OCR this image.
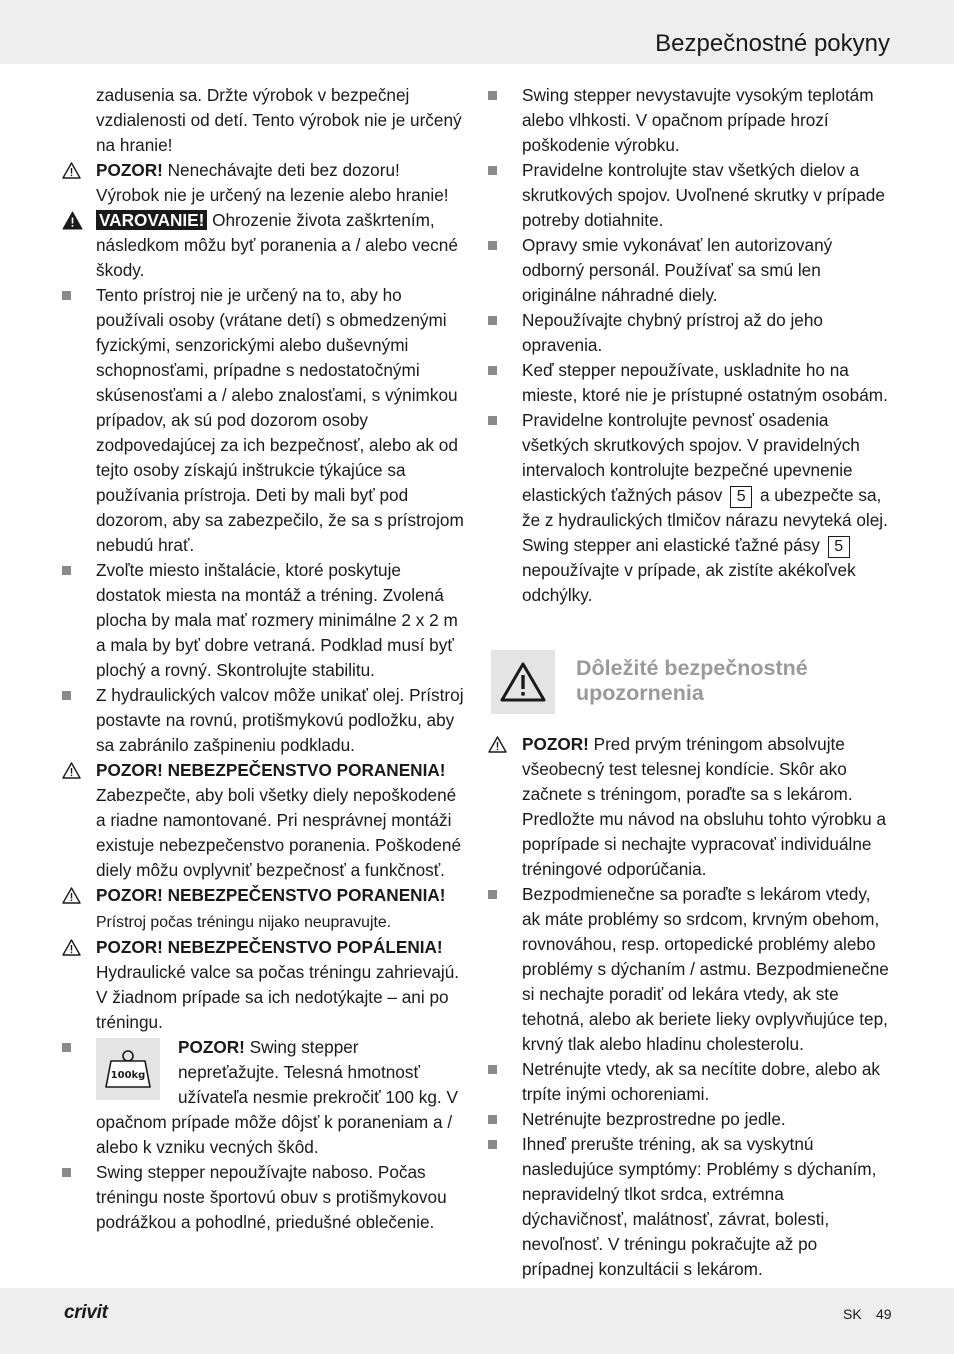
Bezpečnostné pokyny
zadusenia sa. Držte výrobok v bezpečnej vzdialenosti od detí. Tento výrobok nie je určený na hranie!
POZOR! Nenechávajte deti bez dozoru! Výrobok nie je určený na lezenie alebo hranie!
VAROVANIE! Ohrozenie života zaškrtením, následkom môžu byť poranenia a / alebo vecné škody.
Tento prístroj nie je určený na to, aby ho používali osoby (vrátane detí) s obmedzenými fyzickými, senzorickými alebo duševnými schopnosťami, prípadne s nedostatočnými skúsenosťami a / alebo znalosťami, s výnimkou prípadov, ak sú pod dozorom osoby zodpovedajúcej za ich bezpečnosť, alebo ak od tejto osoby získajú inštrukcie týkajúce sa používania prístroja. Deti by mali byť pod dozorom, aby sa zabezpečilo, že sa s prístrojom nebudú hrať.
Zvoľte miesto inštalácie, ktoré poskytuje dostatok miesta na montáž a tréning. Zvolená plocha by mala mať rozmery minimálne 2 x 2 m a mala by byť dobre vetraná. Podklad musí byť plochý a rovný. Skontrolujte stabilitu.
Z hydraulických valcov môže unikať olej. Prístroj postavte na rovnú, protišmykovú podložku, aby sa zabránilo zašpineniu podkladu.
POZOR! NEBEZPEČENSTVO PORANENIA! Zabezpečte, aby boli všetky diely nepoškodené a riadne namontované. Pri nesprávnej montáži existuje nebezpečenstvo poranenia. Poškodené diely môžu ovplyvniť bezpečnosť a funkčnosť.
POZOR! NEBEZPEČENSTVO PORANENIA! Prístroj počas tréningu nijako neupravujte.
POZOR! NEBEZPEČENSTVO POPÁLENIA! Hydraulické valce sa počas tréningu zahrievajú. V žiadnom prípade sa ich nedotýkajte – ani po tréningu.
100kg
POZOR! Swing stepper nepreťažujte. Telesná hmotnosť užívateľa nesmie prekročiť 100 kg. V opačnom prípade môže dôjsť k poraneniam a / alebo k vzniku vecných škôd.
Swing stepper nepoužívajte naboso. Počas tréningu noste športovú obuv s protišmykovou podrážkou a pohodlné, priedušné oblečenie.
Swing stepper nevystavujte vysokým teplotám alebo vlhkosti. V opačnom prípade hrozí poškodenie výrobku.
Pravidelne kontrolujte stav všetkých dielov a skrutkových spojov. Uvoľnené skrutky v prípade potreby dotiahnite.
Opravy smie vykonávať len autorizovaný odborný personál. Používať sa smú len originálne náhradné diely.
Nepoužívajte chybný prístroj až do jeho opravenia.
Keď stepper nepoužívate, uskladnite ho na mieste, ktoré nie je prístupné ostatným osobám.
Pravidelne kontrolujte pevnosť osadenia všetkých skrutkových spojov. V pravidelných intervaloch kontrolujte bezpečné upevnenie elastických ťažných pásov 5 a ubezpečte sa, že z hydraulických tlmičov nárazu nevyteká olej. Swing stepper ani elastické ťažné pásy 5 nepoužívajte v prípade, ak zistíte akékoľvek odchýlky.
Dôležité bezpečnostné
upozornenia
POZOR! Pred prvým tréningom absolvujte všeobecný test telesnej kondície. Skôr ako začnete s tréningom, poraďte sa s lekárom. Predložte mu návod na obsluhu tohto výrobku a poprípade si nechajte vypracovať individuálne tréningové odporúčania.
Bezpodmienečne sa poraďte s lekárom vtedy, ak máte problémy so srdcom, krvným obehom, rovnováhou, resp. ortopedické problémy alebo problémy s dýchaním / astmu. Bezpodmienečne si nechajte poradiť od lekára vtedy, ak ste tehotná, alebo ak beriete lieky ovplyvňujúce tep, krvný tlak alebo hladinu cholesterolu.
Netrénujte vtedy, ak sa necítite dobre, alebo ak trpíte inými ochoreniami.
Netrénujte bezprostredne po jedle.
Ihneď prerušte tréning, ak sa vyskytnú nasledujúce symptómy: Problémy s dýchaním, nepravidelný tlkot srdca, extrémna dýchavičnosť, malátnosť, závrat, bolesti, nevoľnosť. V tréningu pokračujte až po prípadnej konzultácii s lekárom.
crivit	SK 49
